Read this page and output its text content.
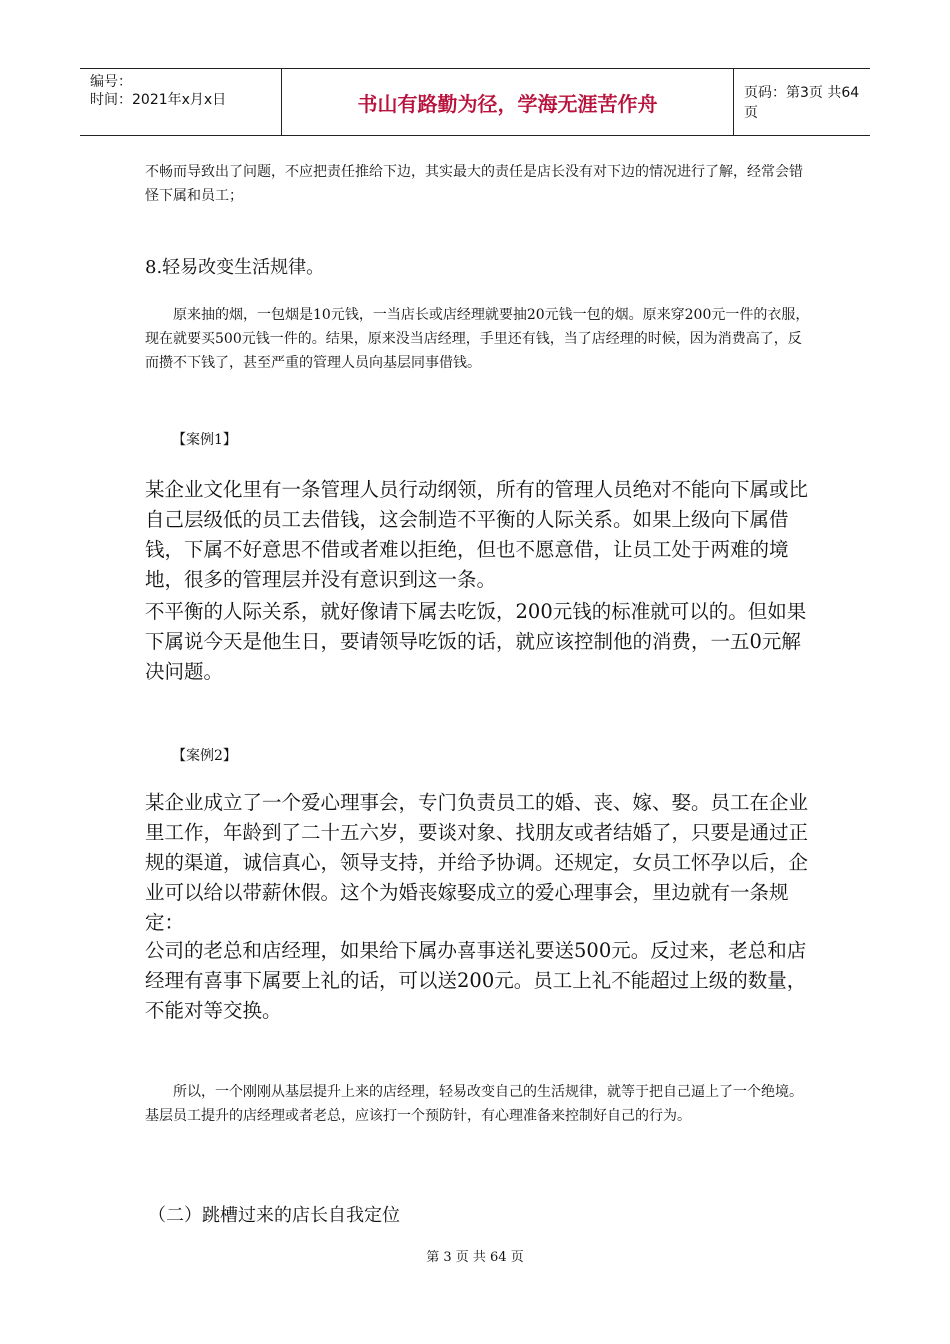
编号：
时间：2021年x月x日	书山有路勤为径，学海无涯苦作舟	页码：第3页 共64页

不畅而导致出了问题，不应把责任推给下边，其实最大的责任是店长没有对下边的情况进行了解，经常会错怪下属和员工；

8.轻易改变生活规律。

原来抽的烟，一包烟是10元钱，一当店长或店经理就要抽20元钱一包的烟。原来穿200元一件的衣服，现在就要买500元钱一件的。结果，原来没当店经理，手里还有钱，当了店经理的时候，因为消费高了，反而攒不下钱了，甚至严重的管理人员向基层同事借钱。

【案例1】

某企业文化里有一条管理人员行动纲领，所有的管理人员绝对不能向下属或比自己层级低的员工去借钱，这会制造不平衡的人际关系。如果上级向下属借钱，下属不好意思不借或者难以拒绝，但也不愿意借，让员工处于两难的境地，很多的管理层并没有意识到这一条。

不平衡的人际关系，就好像请下属去吃饭，200元钱的标准就可以的。但如果下属说今天是他生日，要请领导吃饭的话，就应该控制他的消费，一五0元解决问题。

【案例2】

某企业成立了一个爱心理事会，专门负责员工的婚、丧、嫁、娶。员工在企业里工作，年龄到了二十五六岁，要谈对象、找朋友或者结婚了，只要是通过正规的渠道，诚信真心，领导支持，并给予协调。还规定，女员工怀孕以后，企业可以给以带薪休假。这个为婚丧嫁娶成立的爱心理事会，里边就有一条规定：

公司的老总和店经理，如果给下属办喜事送礼要送500元。反过来，老总和店经理有喜事下属要上礼的话，可以送200元。员工上礼不能超过上级的数量，不能对等交换。

所以，一个刚刚从基层提升上来的店经理，轻易改变自己的生活规律，就等于把自己逼上了一个绝境。基层员工提升的店经理或者老总，应该打一个预防针，有心理准备来控制好自己的行为。

（二）跳槽过来的店长自我定位

第 3 页 共 64 页
